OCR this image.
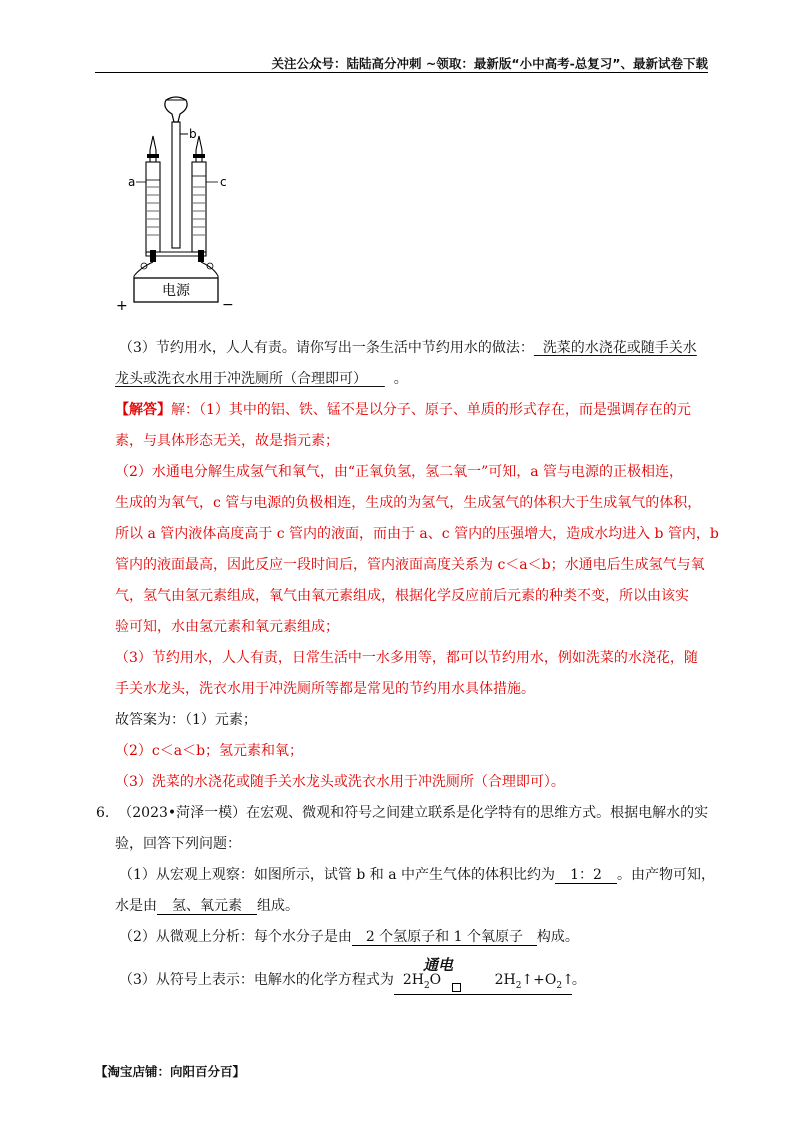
关注公众号：陆陆高分冲刺 ~领取：最新版“小中高考-总复习”、最新试卷下载
b
a	c
电源
+	−
（3）节约用水，人人有责。请你写出一条生活中节约用水的做法： 洗菜的水浇花或随手关水
龙头或洗衣水用于冲洗厕所（合理即可） 。
【解答】解：（1）其中的铝、铁、锰不是以分子、原子、单质的形式存在，而是强调存在的元
素，与具体形态无关，故是指元素；
（2）水通电分解生成氢气和氧气，由“正氧负氢，氢二氧一”可知，a 管与电源的正极相连，
生成的为氧气，c 管与电源的负极相连，生成的为氢气，生成氢气的体积大于生成氧气的体积，
所以 a 管内液体高度高于 c 管内的液面，而由于 a、c 管内的压强增大，造成水均进入 b 管内，b
管内的液面最高，因此反应一段时间后，管内液面高度关系为 c＜a＜b；水通电后生成氢气与氧
气，氢气由氢元素组成，氧气由氧元素组成，根据化学反应前后元素的种类不变，所以由该实
验可知，水由氢元素和氧元素组成；
（3）节约用水，人人有责，日常生活中一水多用等，都可以节约用水，例如洗菜的水浇花，随
手关水龙头，洗衣水用于冲洗厕所等都是常见的节约用水具体措施。
故答案为：（1）元素；
（2）c＜a＜b；氢元素和氧；
（3）洗菜的水浇花或随手关水龙头或洗衣水用于冲洗厕所（合理即可）。
6. （2023•菏泽一模）在宏观、微观和符号之间建立联系是化学特有的思维方式。根据电解水的实
验，回答下列问题：
（1）从宏观上观察：如图所示，试管 b 和 a 中产生气体的体积比约为 1：2 。由产物可知，
水是由 氢、氧元素 组成。
（2）从微观上分析：每个水分子是由 2 个氢原子和 1 个氧原子 构成。
通电
（3）从符号上表示：电解水的化学方程式为 $2H_2O$	$2H_2↑+O_2↑$。
【淘宝店铺：向阳百分百】
